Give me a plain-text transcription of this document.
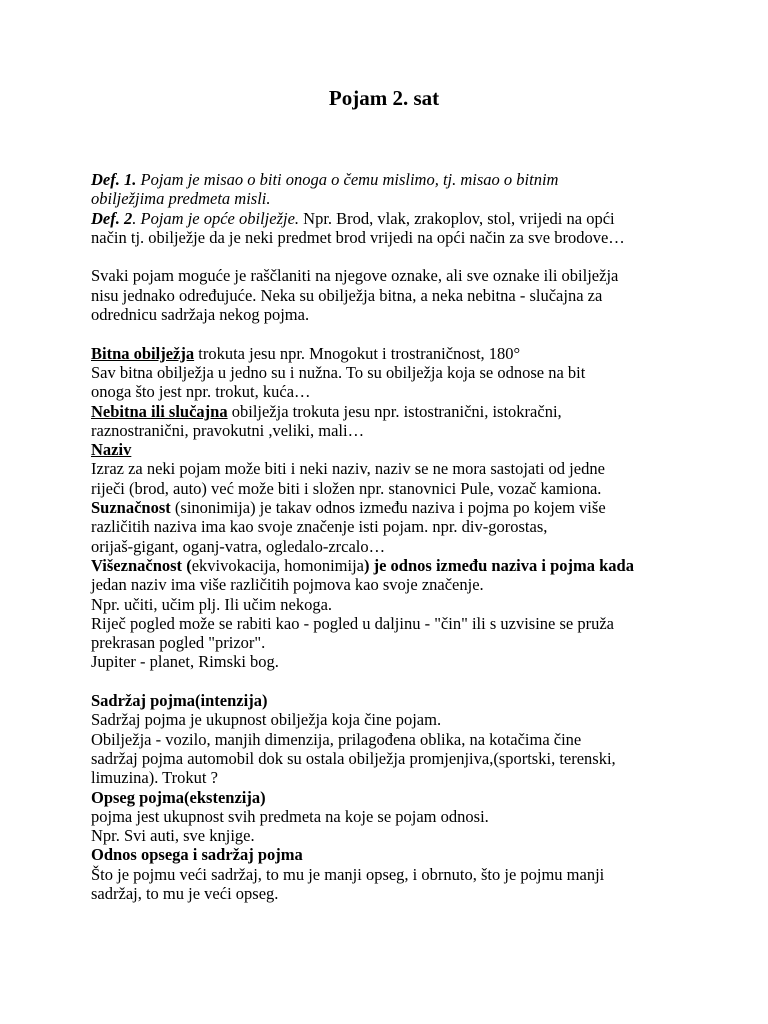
Pojam 2. sat
Def. 1. Pojam je misao o biti onoga o čemu mislimo, tj. misao o bitnim
obilježjima predmeta misli.
Def. 2. Pojam je opće obilježje. Npr. Brod, vlak, zrakoplov, stol, vrijedi na opći
način tj. obilježje da je neki predmet brod vrijedi na opći način za sve brodove…
Svaki pojam moguće je raščlaniti na njegove oznake, ali sve oznake ili obilježja
nisu jednako određujuće. Neka su obilježja bitna, a neka nebitna - slučajna za
odrednicu sadržaja nekog pojma.
Bitna obilježja trokuta jesu npr. Mnogokut i trostraničnost, 180°
Sav bitna obilježja u jedno su i nužna. To su obilježja koja se odnose na bit
onoga što jest npr. trokut, kuća…
Nebitna ili slučajna obilježja trokuta jesu npr. istostranični, istokračni,
raznostranični, pravokutni ,veliki, mali…
Naziv
Izraz za neki pojam može biti i neki naziv, naziv se ne mora sastojati od jedne
riječi (brod, auto) već može biti i složen npr. stanovnici Pule, vozač kamiona.
Suznačnost (sinonimija) je takav odnos između naziva i pojma po kojem više
različitih naziva ima kao svoje značenje isti pojam. npr. div-gorostas,
orijaš-gigant, oganj-vatra, ogledalo-zrcalo…
Višeznačnost (ekvivokacija, homonimija) je odnos između naziva i pojma kada
jedan naziv ima više različitih pojmova kao svoje značenje.
Npr. učiti, učim plj. Ili učim nekoga.
Riječ pogled može se rabiti kao - pogled u daljinu - "čin" ili s uzvisine se pruža
prekrasan pogled "prizor".
Jupiter - planet, Rimski bog.
Sadržaj pojma(intenzija)
Sadržaj pojma je ukupnost obilježja koja čine pojam.
Obilježja - vozilo, manjih dimenzija, prilagođena oblika, na kotačima čine
sadržaj pojma automobil dok su ostala obilježja promjenjiva,(sportski, terenski,
limuzina). Trokut ?
Opseg pojma(ekstenzija)
pojma jest ukupnost svih predmeta na koje se pojam odnosi.
Npr. Svi auti, sve knjige.
Odnos opsega i sadržaj pojma
Što je pojmu veći sadržaj, to mu je manji opseg, i obrnuto, što je pojmu manji
sadržaj, to mu je veći opseg.
